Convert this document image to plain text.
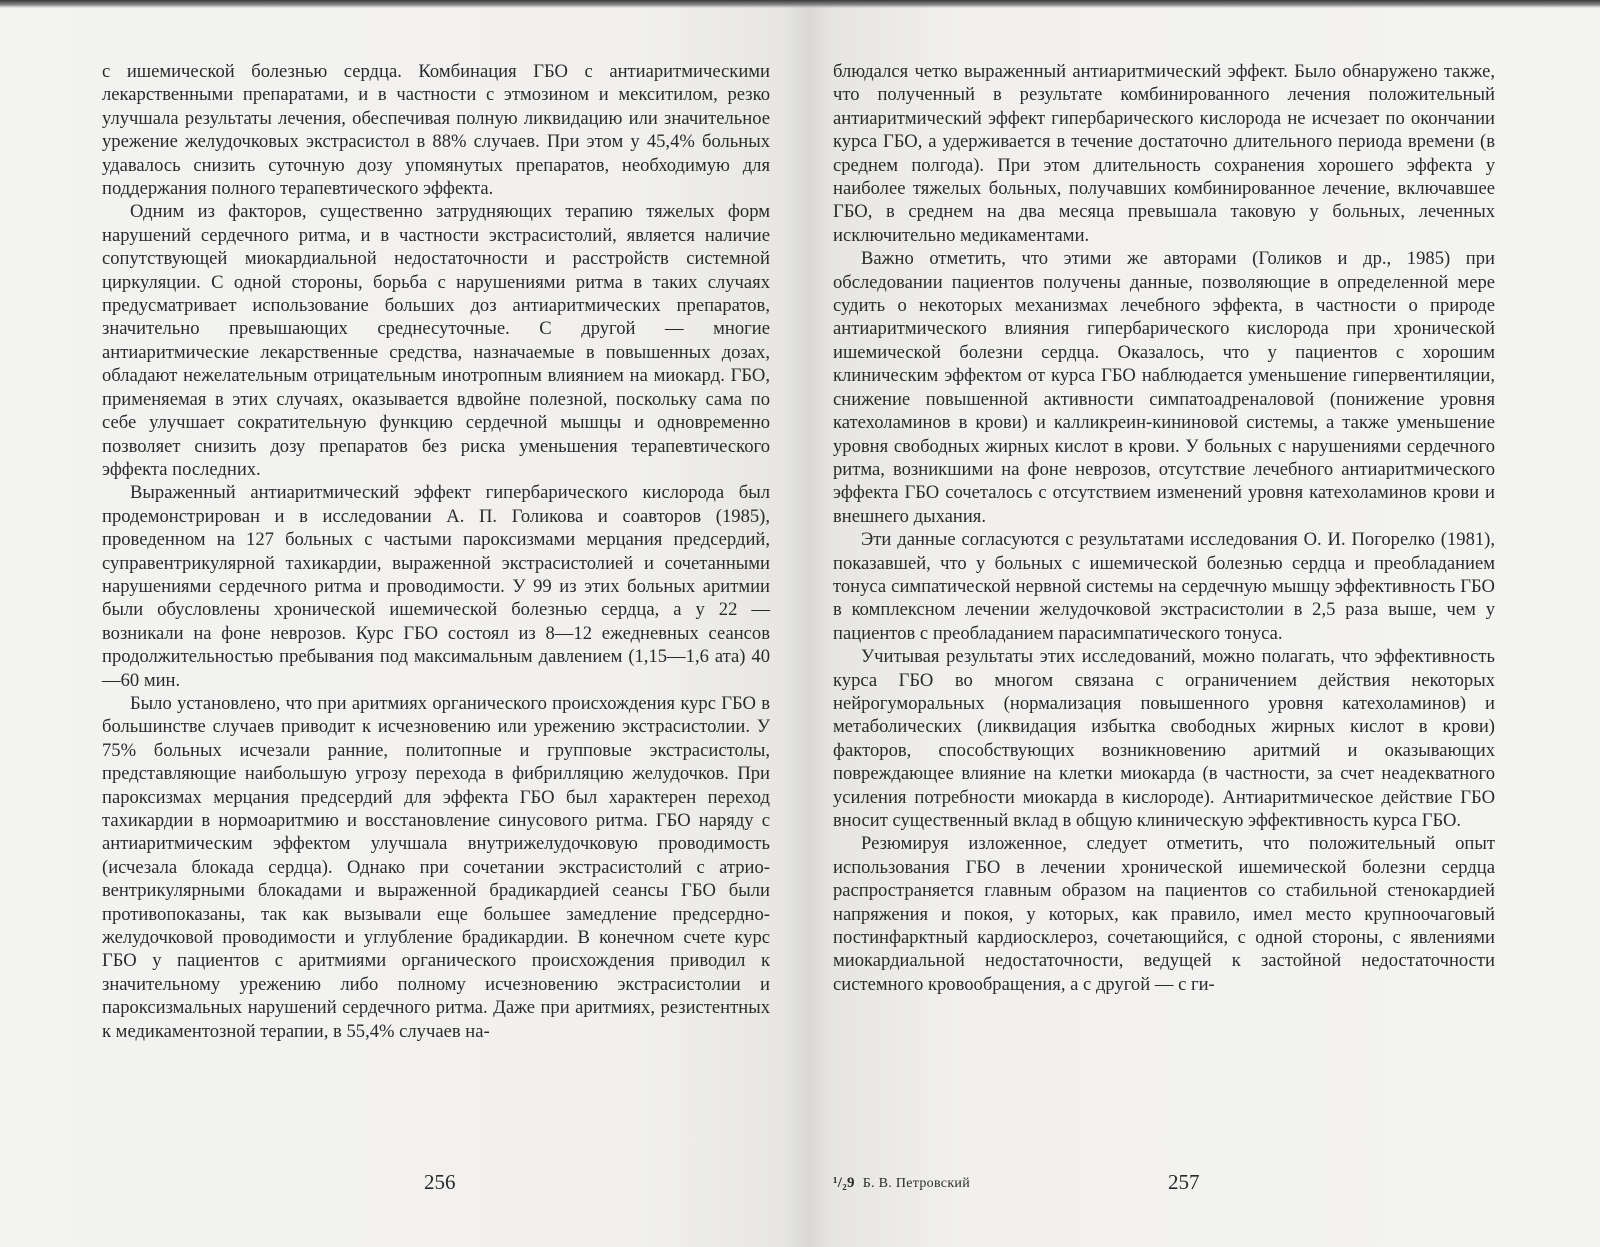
с ишемической болезнью сердца. Комбинация ГБО с антиаритмическими лекарственными препаратами, и в частности с этмозином и мекситилом, резко улучшала результаты лечения, обеспечивая полную ликвидацию или значительное урежение желудочковых экстрасистол в 88% случаев. При этом у 45,4% больных удавалось снизить суточную дозу упомянутых препаратов, необходимую для поддержания полного терапевтического эффекта.

Одним из факторов, существенно затрудняющих терапию тяжелых форм нарушений сердечного ритма, и в частности экстрасистолий, является наличие сопутствующей миокардиальной недостаточности и расстройств системной циркуляции. С одной стороны, борьба с нарушениями ритма в таких случаях предусматривает использование больших доз антиаритмических препаратов, значительно превышающих среднесуточные. С другой — многие антиаритмические лекарственные средства, назначаемые в повышенных дозах, обладают нежелательным отрицательным инотропным влиянием на миокард. ГБО, применяемая в этих случаях, оказывается вдвойне полезной, поскольку сама по себе улучшает сократительную функцию сердечной мышцы и одновременно позволяет снизить дозу препаратов без риска уменьшения терапевтического эффекта последних.

Выраженный антиаритмический эффект гипербарического кислорода был продемонстрирован и в исследовании А. П. Голикова и соавторов (1985), проведенном на 127 больных с частыми пароксизмами мерцания предсердий, суправентрикулярной тахикардии, выраженной экстрасистолией и сочетанными нарушениями сердечного ритма и проводимости. У 99 из этих больных аритмии были обусловлены хронической ишемической болезнью сердца, а у 22 — возникали на фоне неврозов. Курс ГБО состоял из 8—12 ежедневных сеансов продолжительностью пребывания под максимальным давлением (1,15—1,6 ата) 40—60 мин.

Было установлено, что при аритмиях органического происхождения курс ГБО в большинстве случаев приводит к исчезновению или урежению экстрасистолии. У 75% больных исчезали ранние, политопные и групповые экстрасистолы, представляющие наибольшую угрозу перехода в фибрилляцию желудочков. При пароксизмах мерцания предсердий для эффекта ГБО был характерен переход тахикардии в нормоаритмию и восстановление синусового ритма. ГБО наряду с антиаритмическим эффектом улучшала внутрижелудочковую проводимость (исчезала блокада сердца). Однако при сочетании экстрасистолий с атрио-вентрикулярными блокадами и выраженной брадикардией сеансы ГБО были противопоказаны, так как вызывали еще большее замедление предсердно-желудочковой проводимости и углубление брадикардии. В конечном счете курс ГБО у пациентов с аритмиями органического происхождения приводил к значительному урежению либо полному исчезновению экстрасистолии и пароксизмальных нарушений сердечного ритма. Даже при аритмиях, резистентных к медикаментозной терапии, в 55,4% случаев на-

256

блюдался четко выраженный антиаритмический эффект. Было обнаружено также, что полученный в результате комбинированного лечения положительный антиаритмический эффект гипербарического кислорода не исчезает по окончании курса ГБО, а удерживается в течение достаточно длительного периода времени (в среднем полгода). При этом длительность сохранения хорошего эффекта у наиболее тяжелых больных, получавших комбинированное лечение, включавшее ГБО, в среднем на два месяца превышала таковую у больных, леченных исключительно медикаментами.

Важно отметить, что этими же авторами (Голиков и др., 1985) при обследовании пациентов получены данные, позволяющие в определенной мере судить о некоторых механизмах лечебного эффекта, в частности о природе антиаритмического влияния гипербарического кислорода при хронической ишемической болезни сердца. Оказалось, что у пациентов с хорошим клиническим эффектом от курса ГБО наблюдается уменьшение гипервентиляции, снижение повышенной активности симпатоадреналовой (понижение уровня катехоламинов в крови) и калликреин-кининовой системы, а также уменьшение уровня свободных жирных кислот в крови. У больных с нарушениями сердечного ритма, возникшими на фоне неврозов, отсутствие лечебного антиаритмического эффекта ГБО сочеталось с отсутствием изменений уровня катехоламинов крови и внешнего дыхания.

Эти данные согласуются с результатами исследования О. И. Погорелко (1981), показавшей, что у больных с ишемической болезнью сердца и преобладанием тонуса симпатической нервной системы на сердечную мышцу эффективность ГБО в комплексном лечении желудочковой экстрасистолии в 2,5 раза выше, чем у пациентов с преобладанием парасимпатического тонуса.

Учитывая результаты этих исследований, можно полагать, что эффективность курса ГБО во многом связана с ограничением действия некоторых нейрогуморальных (нормализация повышенного уровня катехоламинов) и метаболических (ликвидация избытка свободных жирных кислот в крови) факторов, способствующих возникновению аритмий и оказывающих повреждающее влияние на клетки миокарда (в частности, за счет неадекватного усиления потребности миокарда в кислороде). Антиаритмическое действие ГБО вносит существенный вклад в общую клиническую эффективность курса ГБО.

Резюмируя изложенное, следует отметить, что положительный опыт использования ГБО в лечении хронической ишемической болезни сердца распространяется главным образом на пациентов со стабильной стенокардией напряжения и покоя, у которых, как правило, имел место крупноочаговый постинфарктный кардиосклероз, сочетающийся, с одной стороны, с явлениями миокардиальной недостаточности, ведущей к застойной недостаточности системного кровообращения, а с другой — с ги-

¹/₂9 Б. В. Петровский	257
